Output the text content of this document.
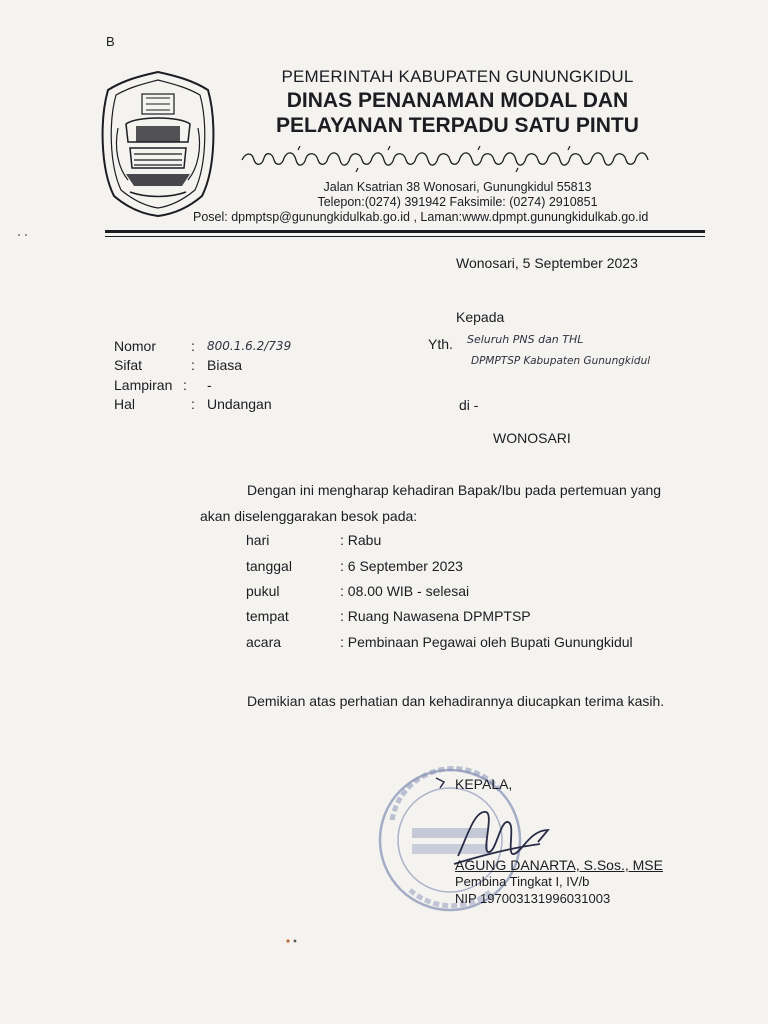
B
PEMERINTAH KABUPATEN GUNUNGKIDUL
DINAS PENANAMAN MODAL DAN
PELAYANAN TERPADU SATU PINTU
Jalan Ksatrian 38 Wonosari, Gunungkidul 55813
Telepon:(0274) 391942 Faksimile: (0274) 2910851
Posel: dpmptsp@gunungkidulkab.go.id , Laman:www.dpmpt.gunungkidulkab.go.id
Wonosari, 5 September 2023
Kepada
Nomor : 800.1.6.2/739
Sifat	: Biasa
Lampiran : -
Hal	: Undangan
Yth. Seluruh PNS dan THL
DPMPTSP Kabupaten Gunungkidul
di -
WONOSARI
Dengan ini mengharap kehadiran Bapak/Ibu pada pertemuan yang
akan diselenggarakan besok pada:
hari	: Rabu
tanggal	: 6 September 2023
pukul	: 08.00 WIB - selesai
tempat	: Ruang Nawasena DPMPTSP
acara	: Pembinaan Pegawai oleh Bupati Gunungkidul
Demikian atas perhatian dan kehadirannya diucapkan terima kasih.
KEPALA,
AGUNG DANARTA, S.Sos., MSE
Pembina Tingkat I, IV/b
NIP 197003131996031003
